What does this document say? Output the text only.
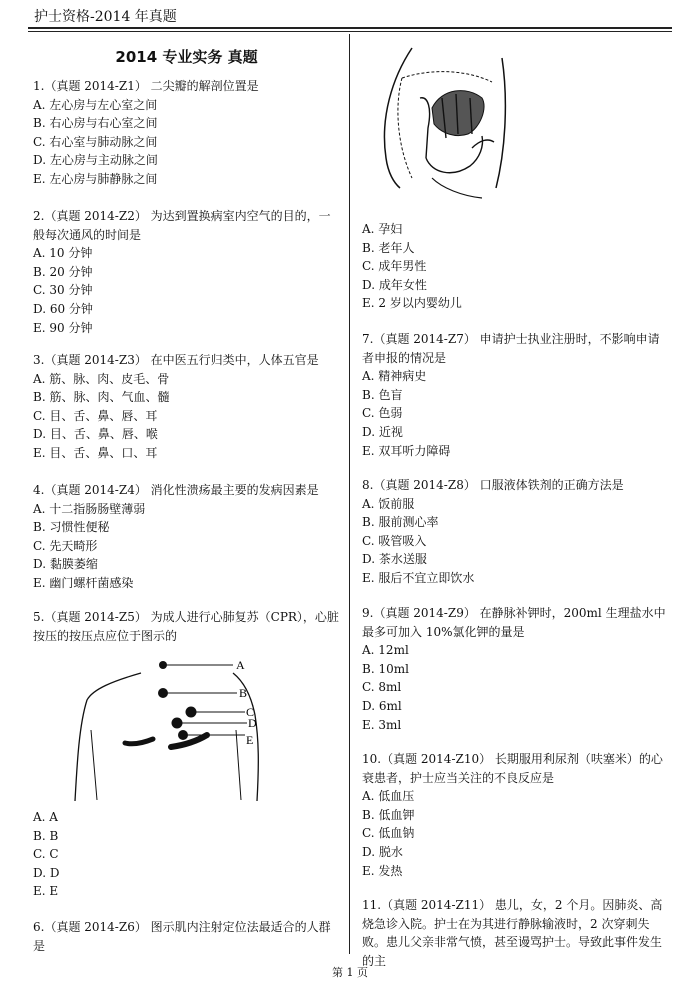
护士资格-2014 年真题
2014 专业实务 真题
1.（真题 2014-Z1） 二尖瓣的解剖位置是
A. 左心房与左心室之间
B. 右心房与右心室之间
C. 右心室与肺动脉之间
D. 左心房与主动脉之间
E. 左心房与肺静脉之间
2.（真题 2014-Z2） 为达到置换病室内空气的目的，一般每次通风的时间是
A. 10 分钟
B. 20 分钟
C. 30 分钟
D. 60 分钟
E. 90 分钟
3.（真题 2014-Z3） 在中医五行归类中，人体五官是
A. 筋、脉、肉、皮毛、骨
B. 筋、脉、肉、气血、髓
C. 目、舌、鼻、唇、耳
D. 目、舌、鼻、唇、喉
E. 目、舌、鼻、口、耳
4.（真题 2014-Z4） 消化性溃疡最主要的发病因素是
A. 十二指肠肠壁薄弱
B. 习惯性便秘
C. 先天畸形
D. 黏膜萎缩
E. 幽门螺杆菌感染
5.（真题 2014-Z5） 为成人进行心肺复苏（CPR），心脏按压的按压点应位于图示的
A
B
C
D
E
A. A
B. B
C. C
D. D
E. E
6.（真题 2014-Z6） 图示肌内注射定位法最适合的人群是
A. 孕妇
B. 老年人
C. 成年男性
D. 成年女性
E. 2 岁以内婴幼儿
7.（真题 2014-Z7） 申请护士执业注册时，不影响申请者申报的情况是
A. 精神病史
B. 色盲
C. 色弱
D. 近视
E. 双耳听力障碍
8.（真题 2014-Z8） 口服液体铁剂的正确方法是
A. 饭前服
B. 服前测心率
C. 吸管吸入
D. 茶水送服
E. 服后不宜立即饮水
9.（真题 2014-Z9） 在静脉补钾时，200ml 生理盐水中最多可加入 10%氯化钾的量是
A. 12ml
B. 10ml
C. 8ml
D. 6ml
E. 3ml
10.（真题 2014-Z10） 长期服用利尿剂（呋塞米）的心衰患者，护士应当关注的不良反应是
A. 低血压
B. 低血钾
C. 低血钠
D. 脱水
E. 发热
11.（真题 2014-Z11） 患儿，女，2 个月。因肺炎、高烧急诊入院。护士在为其进行静脉输液时，2 次穿刺失败。患儿父亲非常气愤，甚至谩骂护士。导致此事件发生的主
第 1 页
